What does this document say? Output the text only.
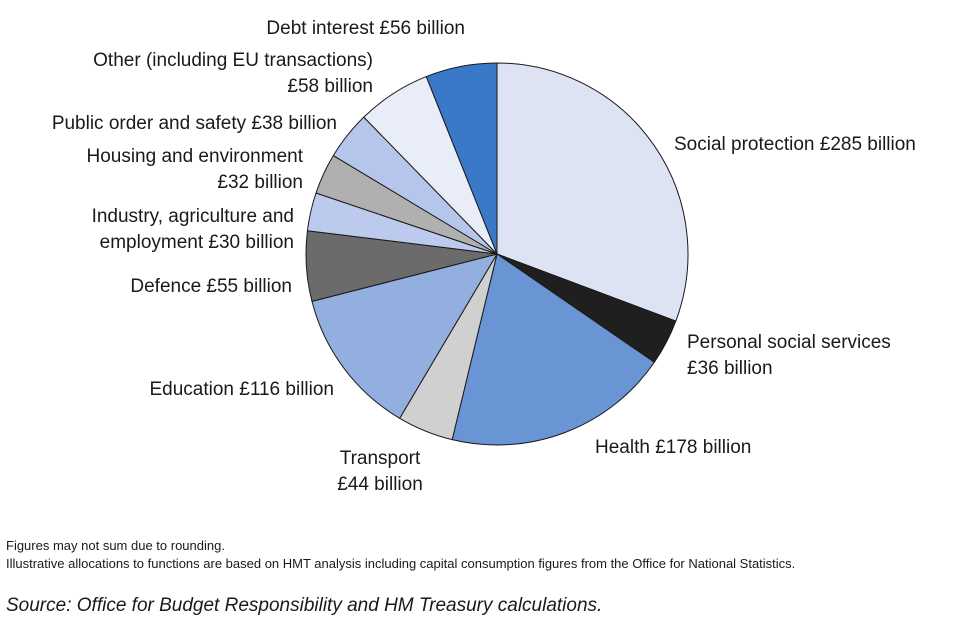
Social protection £285 billion
Personal social services £36 billion
Health £178 billion
Transport £44 billion
Education £116 billion
Defence £55 billion
Industry, agriculture and employment £30 billion
Housing and environment £32 billion
Public order and safety £38 billion
Other (including EU transactions) £58 billion
Debt interest £56 billion
Figures may not sum due to rounding.
Illustrative allocations to functions are based on HMT analysis including capital consumption figures from the Office for National Statistics.
Source: Office for Budget Responsibility and HM Treasury calculations.
